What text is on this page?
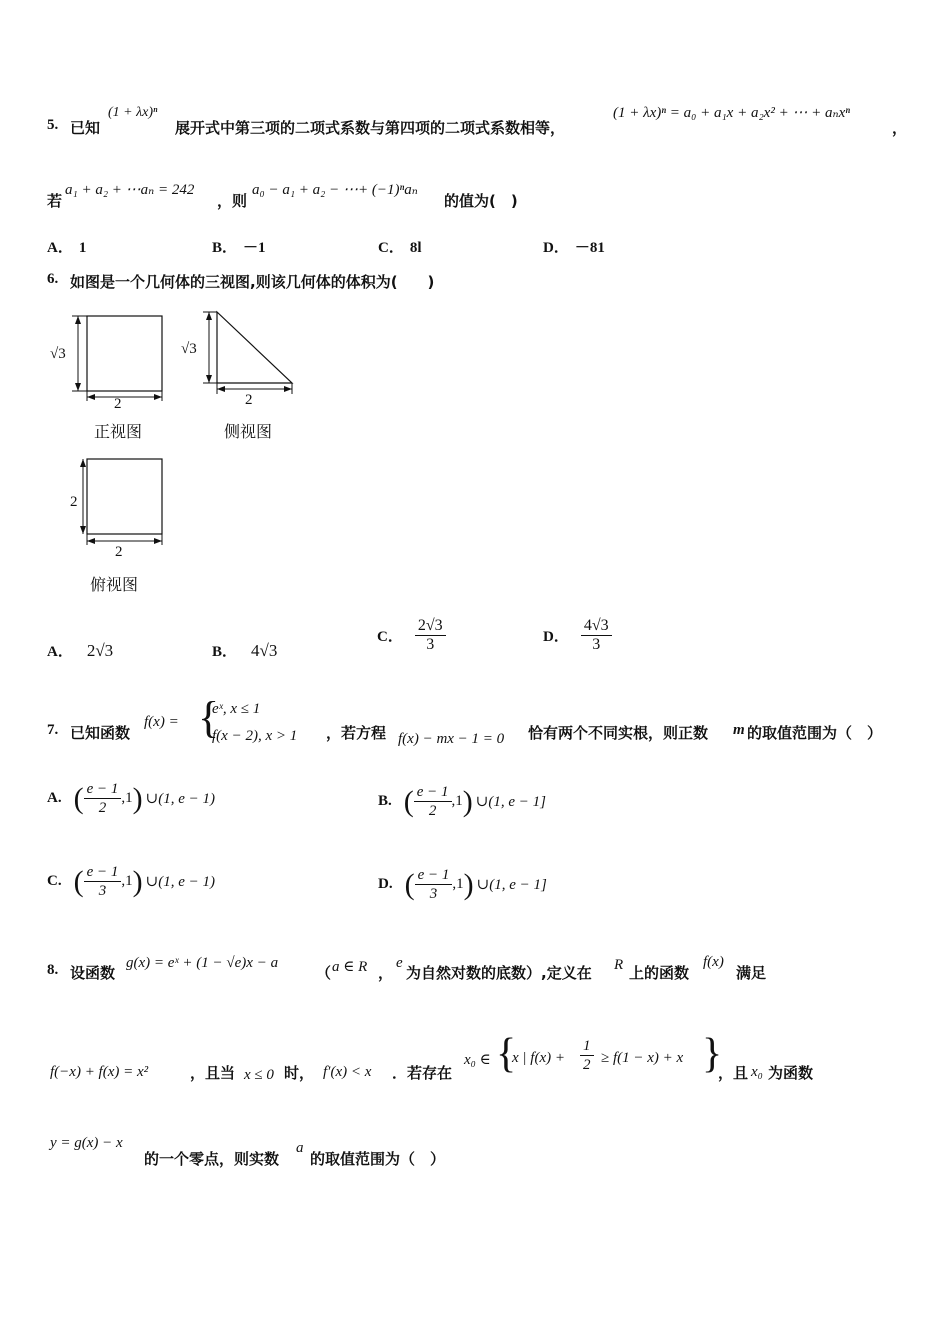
5. 已知
(1 + λx)ⁿ
展开式中第三项的二项式系数与第四项的二项式系数相等，
(1 + λx)ⁿ = a₀ + a₁x + a₂x² + ⋯ + aₙxⁿ
，
若
a₁ + a₂ + ⋯aₙ = 242
，则
a₀ − a₁ + a₂ − ⋯+ (−1)ⁿaₙ
的值为(　)
A． 1	B． －1	C． 8l	D． －81
6. 如图是一个几何体的三视图,则该几何体的体积为(　　)
√3
2
正视图
√3
2
侧视图
2
2
俯视图
A． 2√3	B． 4√3
C． $\frac{2√3}{3}$	D． $\frac{4√3}{3}$
7. 已知函数
f(x) = {
eˣ, x ≤ 1
f(x − 2), x > 1 ，若方程 f(x) − mx − 1 = 0 恰有两个不同实根，则正数 m 的取值范围为（　）
A. ( $\frac{e - 1}{2} ,1$ ) ∪(1, e − 1)	B. ( $\frac{e - 1}{2} ,1$ ) ∪(1, e − 1]
C. ( $\frac{e - 1}{3} ,1$ ) ∪(1, e − 1)	D. ( $\frac{e - 1}{3} ,1$ ) ∪(1, e − 1]
8. 设函数
g(x) = eˣ + (1 − √e)x − a
（ a ∈ R ，
e
为自然对数的底数）,定义在 R 上的函数
f(x)
满足
f(−x) + f(x) = x²	，且当 x ≤ 0 时， f′(x) < x ．若存在
x₀ ∈ {
x | $f(x) + \frac{1}{2} \ge f(1 - x) + x$ }
，且 x₀ 为函数
y = g(x) − x
的一个零点，则实数
a
的取值范围为（　）
